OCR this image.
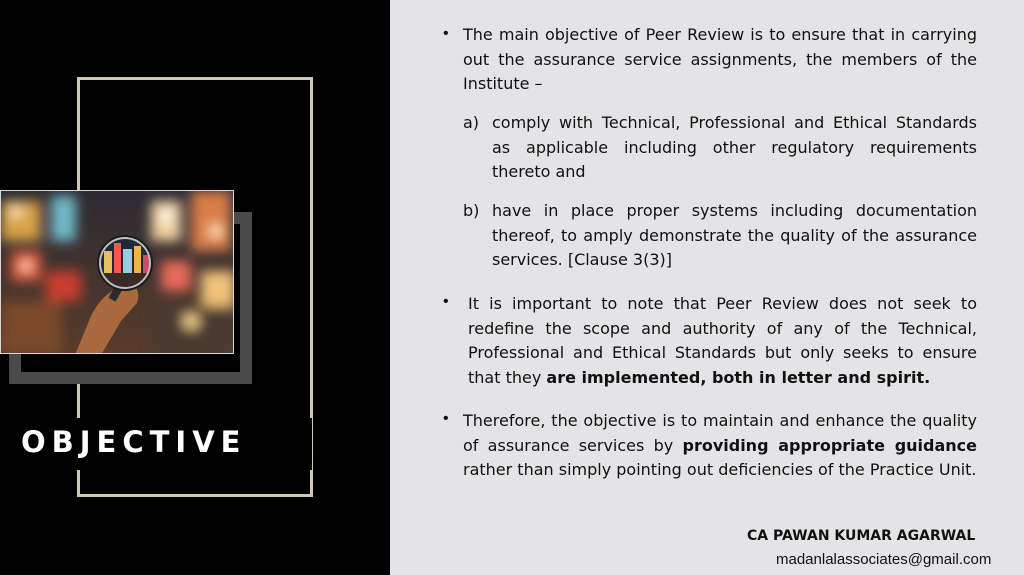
OBJECTIVE
• The main objective of Peer Review is to ensure that in carrying out the assurance service assignments, the members of the Institute –
a) comply with Technical, Professional and Ethical Standards as applicable including other regulatory requirements thereto and
b) have in place proper systems including documentation thereof, to amply demonstrate the quality of the assurance services. [Clause 3(3)]
• It is important to note that Peer Review does not seek to redefine the scope and authority of any of the Technical, Professional and Ethical Standards but only seeks to ensure that they are implemented, both in letter and spirit.
• Therefore, the objective is to maintain and enhance the quality of assurance services by providing appropriate guidance rather than simply pointing out deficiencies of the Practice Unit.
CA PAWAN KUMAR AGARWAL
madanlalassociates@gmail.com
